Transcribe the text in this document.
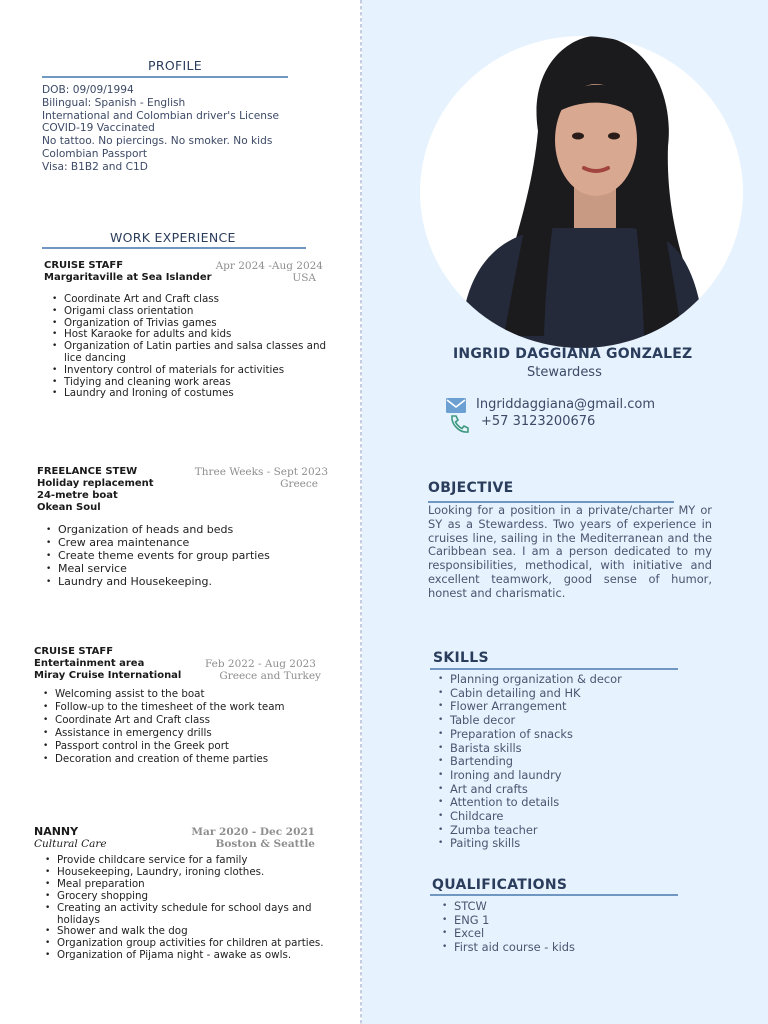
PROFILE
DOB: 09/09/1994
Bilingual: Spanish - English
International and Colombian driver's License
COVID-19 Vaccinated
No tattoo. No piercings. No smoker. No kids
Colombian Passport
Visa: B1B2 and C1D
WORK EXPERIENCE
CRUISE STAFF
Margaritaville at Sea Islander
Apr 2024 -Aug 2024
USA
• Coordinate Art and Craft class
• Origami class orientation
• Organization of Trivias games
• Host Karaoke for adults and kids
• Organization of Latin parties and salsa classes and
lice dancing
• Inventory control of materials for activities
• Tidying and cleaning work areas
• Laundry and Ironing of costumes
FREELANCE STEW
Holiday replacement
24-metre boat
Okean Soul
Three Weeks - Sept 2023
Greece
• Organization of heads and beds
• Crew area maintenance
• Create theme events for group parties
• Meal service
• Laundry and Housekeeping.
CRUISE STAFF
Entertainment area
Miray Cruise International
Feb 2022 - Aug 2023
Greece and Turkey
• Welcoming assist to the boat
• Follow-up to the timesheet of the work team
• Coordinate Art and Craft class
• Assistance in emergency drills
• Passport control in the Greek port
• Decoration and creation of theme parties
NANNY
Cultural Care
Mar 2020 - Dec 2021
Boston & Seattle
• Provide childcare service for a family
• Housekeeping, Laundry, ironing clothes.
• Meal preparation
• Grocery shopping
• Creating an activity schedule for school days and
holidays
• Shower and walk the dog
• Organization group activities for children at parties.
• Organization of Pijama night - awake as owls.
INGRID DAGGIANA GONZALEZ
Stewardess
Ingriddaggiana@gmail.com
+57 3123200676
OBJECTIVE
Looking for a position in a private/charter MY or SY as a Stewardess. Two years of experience in cruises line, sailing in the Mediterranean and the Caribbean sea. I am a person dedicated to my responsibilities, methodical, with initiative and excellent teamwork, good sense of humor, honest and charismatic.
SKILLS
• Planning organization & decor
• Cabin detailing and HK
• Flower Arrangement
• Table decor
• Preparation of snacks
• Barista skills
• Bartending
• Ironing and laundry
• Art and crafts
• Attention to details
• Childcare
• Zumba teacher
• Paiting skills
QUALIFICATIONS
• STCW
• ENG 1
• Excel
• First aid course - kids
